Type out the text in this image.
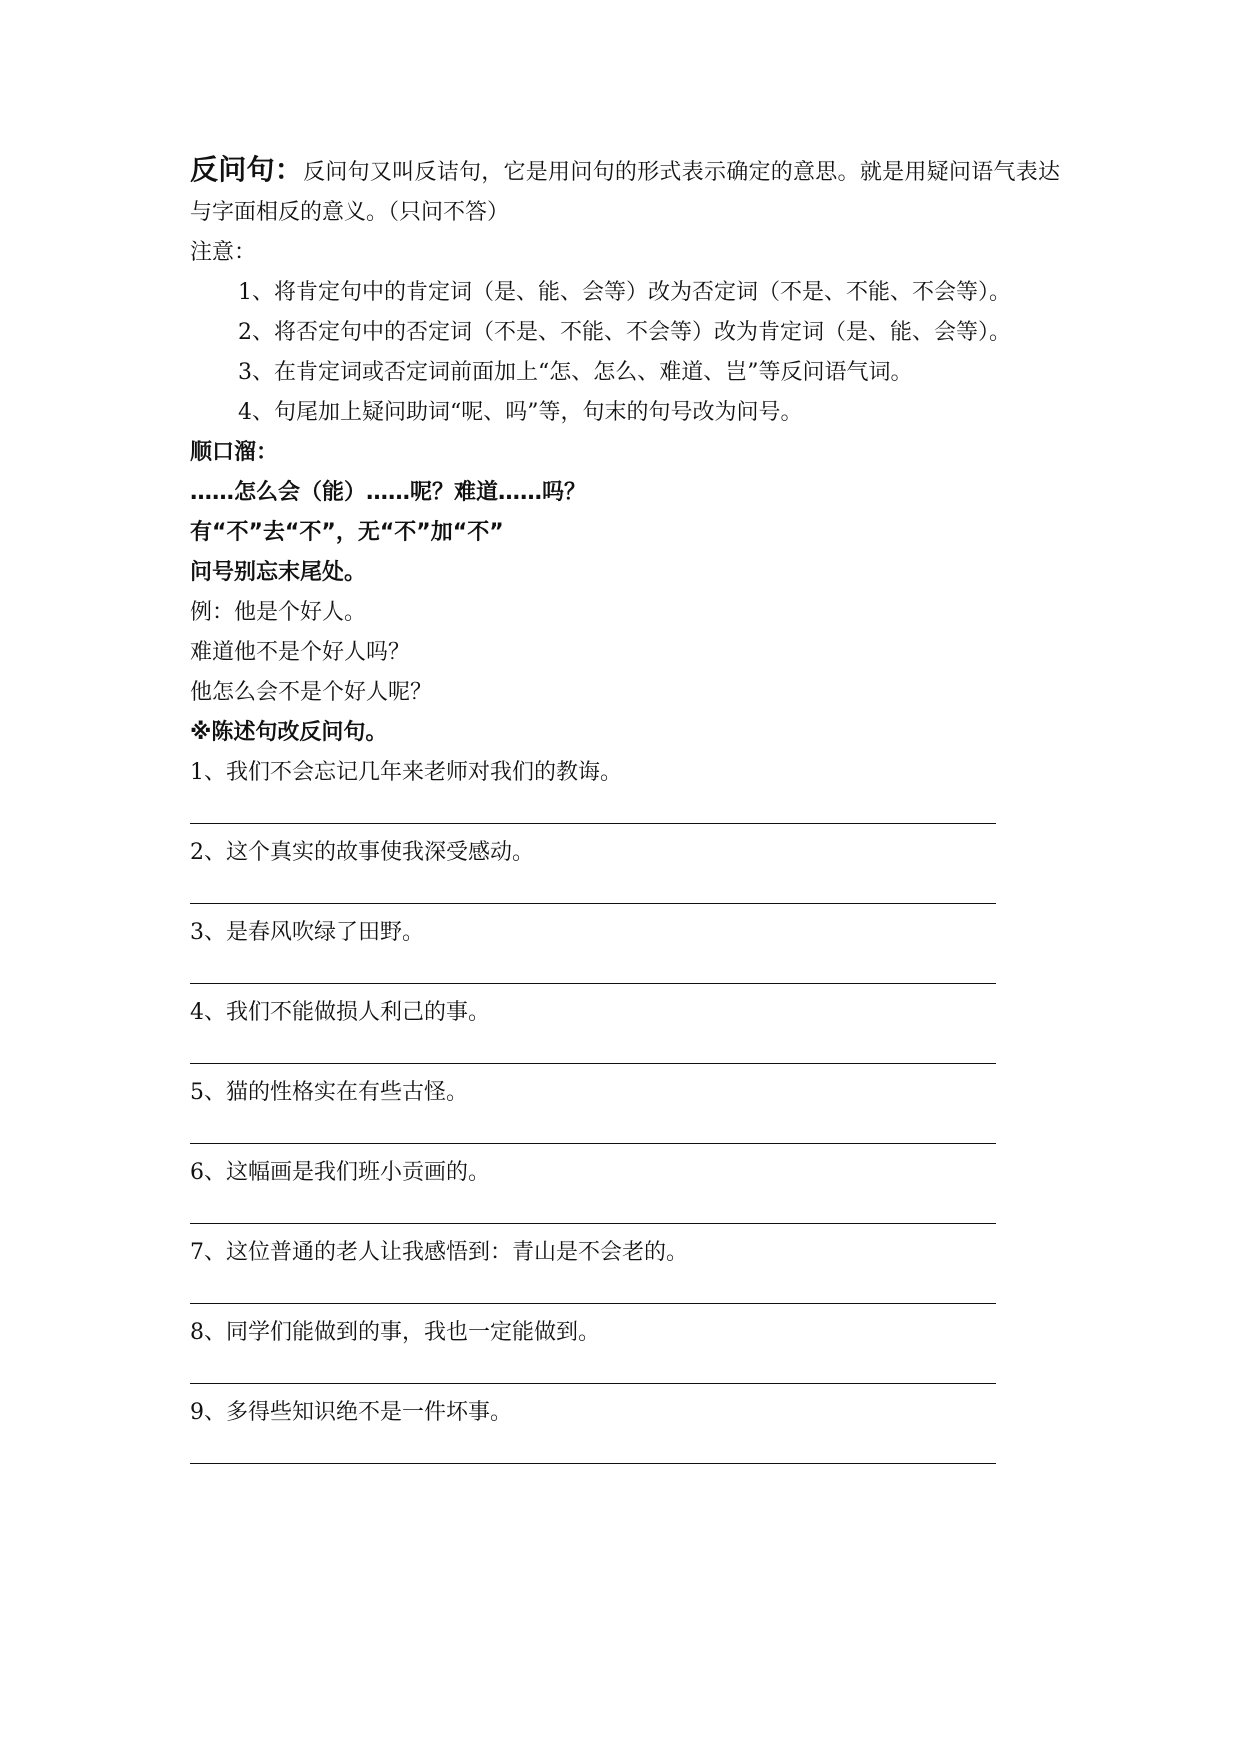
反问句：反问句又叫反诘句，它是用问句的形式表示确定的意思。就是用疑问语气表达与字面相反的意义。（只问不答）
注意：
1、将肯定句中的肯定词（是、能、会等）改为否定词（不是、不能、不会等）。
2、将否定句中的否定词（不是、不能、不会等）改为肯定词（是、能、会等）。
3、在肯定词或否定词前面加上“怎、怎么、难道、岂”等反问语气词。
4、句尾加上疑问助词“呢、吗”等，句末的句号改为问号。
顺口溜：
……怎么会（能）……呢？难道……吗？
有“不”去“不”，无“不”加“不”
问号别忘末尾处。
例：他是个好人。
难道他不是个好人吗？
他怎么会不是个好人呢？
※陈述句改反问句。
1、我们不会忘记几年来老师对我们的教诲。
2、这个真实的故事使我深受感动。
3、是春风吹绿了田野。
4、我们不能做损人利己的事。
5、猫的性格实在有些古怪。
6、这幅画是我们班小贡画的。
7、这位普通的老人让我感悟到：青山是不会老的。
8、同学们能做到的事，我也一定能做到。
9、多得些知识绝不是一件坏事。
